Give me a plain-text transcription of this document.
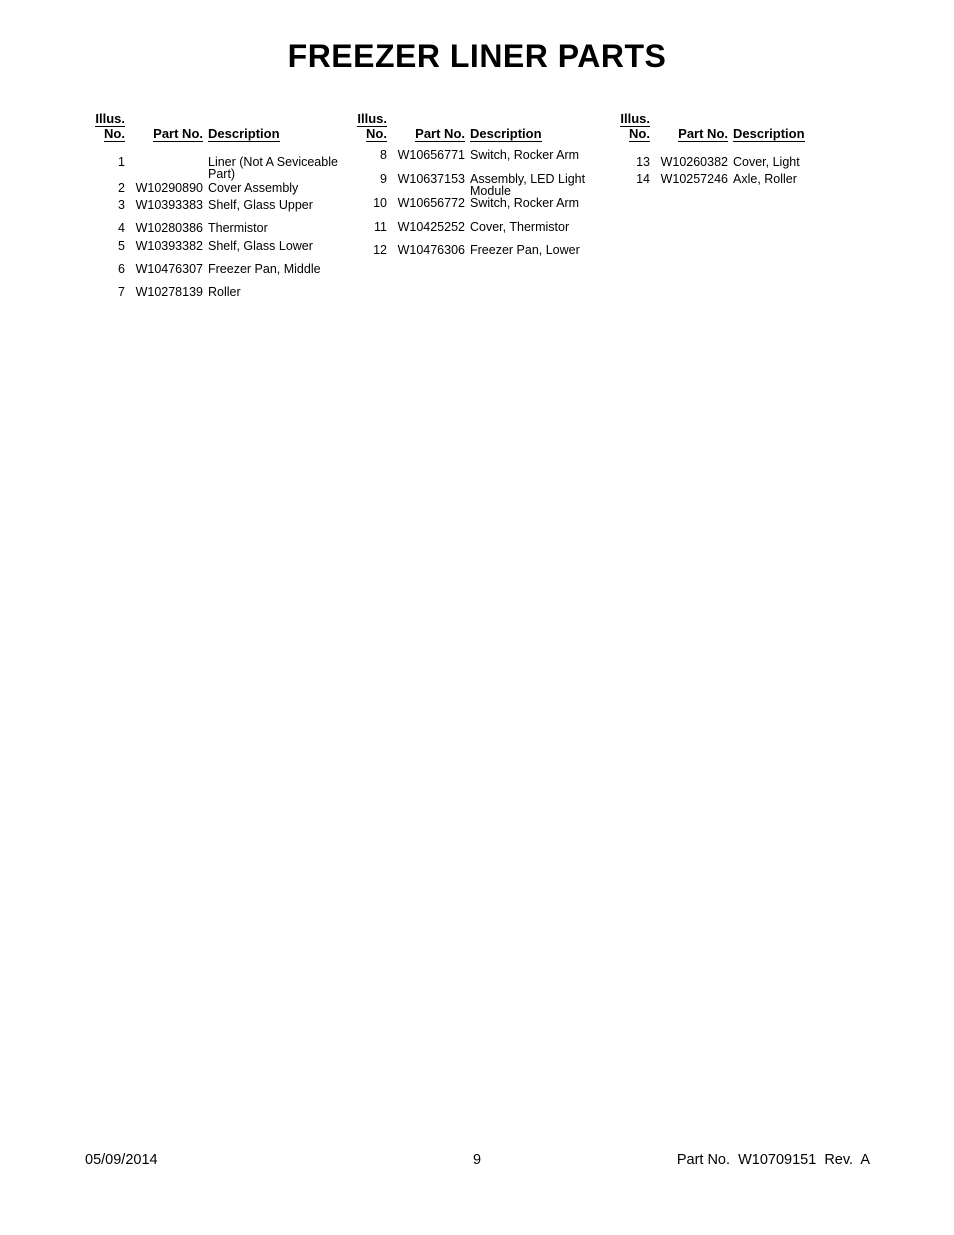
FREEZER LINER PARTS
Illus.
No.	Part No. Description
1	Liner (Not A Seviceable Part)
2 W10290890 Cover Assembly
3 W10393383 Shelf, Glass Upper
4 W10280386 Thermistor
5 W10393382 Shelf, Glass Lower
6 W10476307 Freezer Pan, Middle
7 W10278139 Roller
Illus.
No.	Part No. Description
8 W10656771 Switch, Rocker Arm
9 W10637153 Assembly, LED Light Module
10 W10656772 Switch, Rocker Arm
11 W10425252 Cover, Thermistor
12 W10476306 Freezer Pan, Lower
Illus.
No.	Part No. Description
13 W10260382 Cover, Light
14 W10257246 Axle, Roller
05/09/2014	9	Part No.  W10709151  Rev.  A
